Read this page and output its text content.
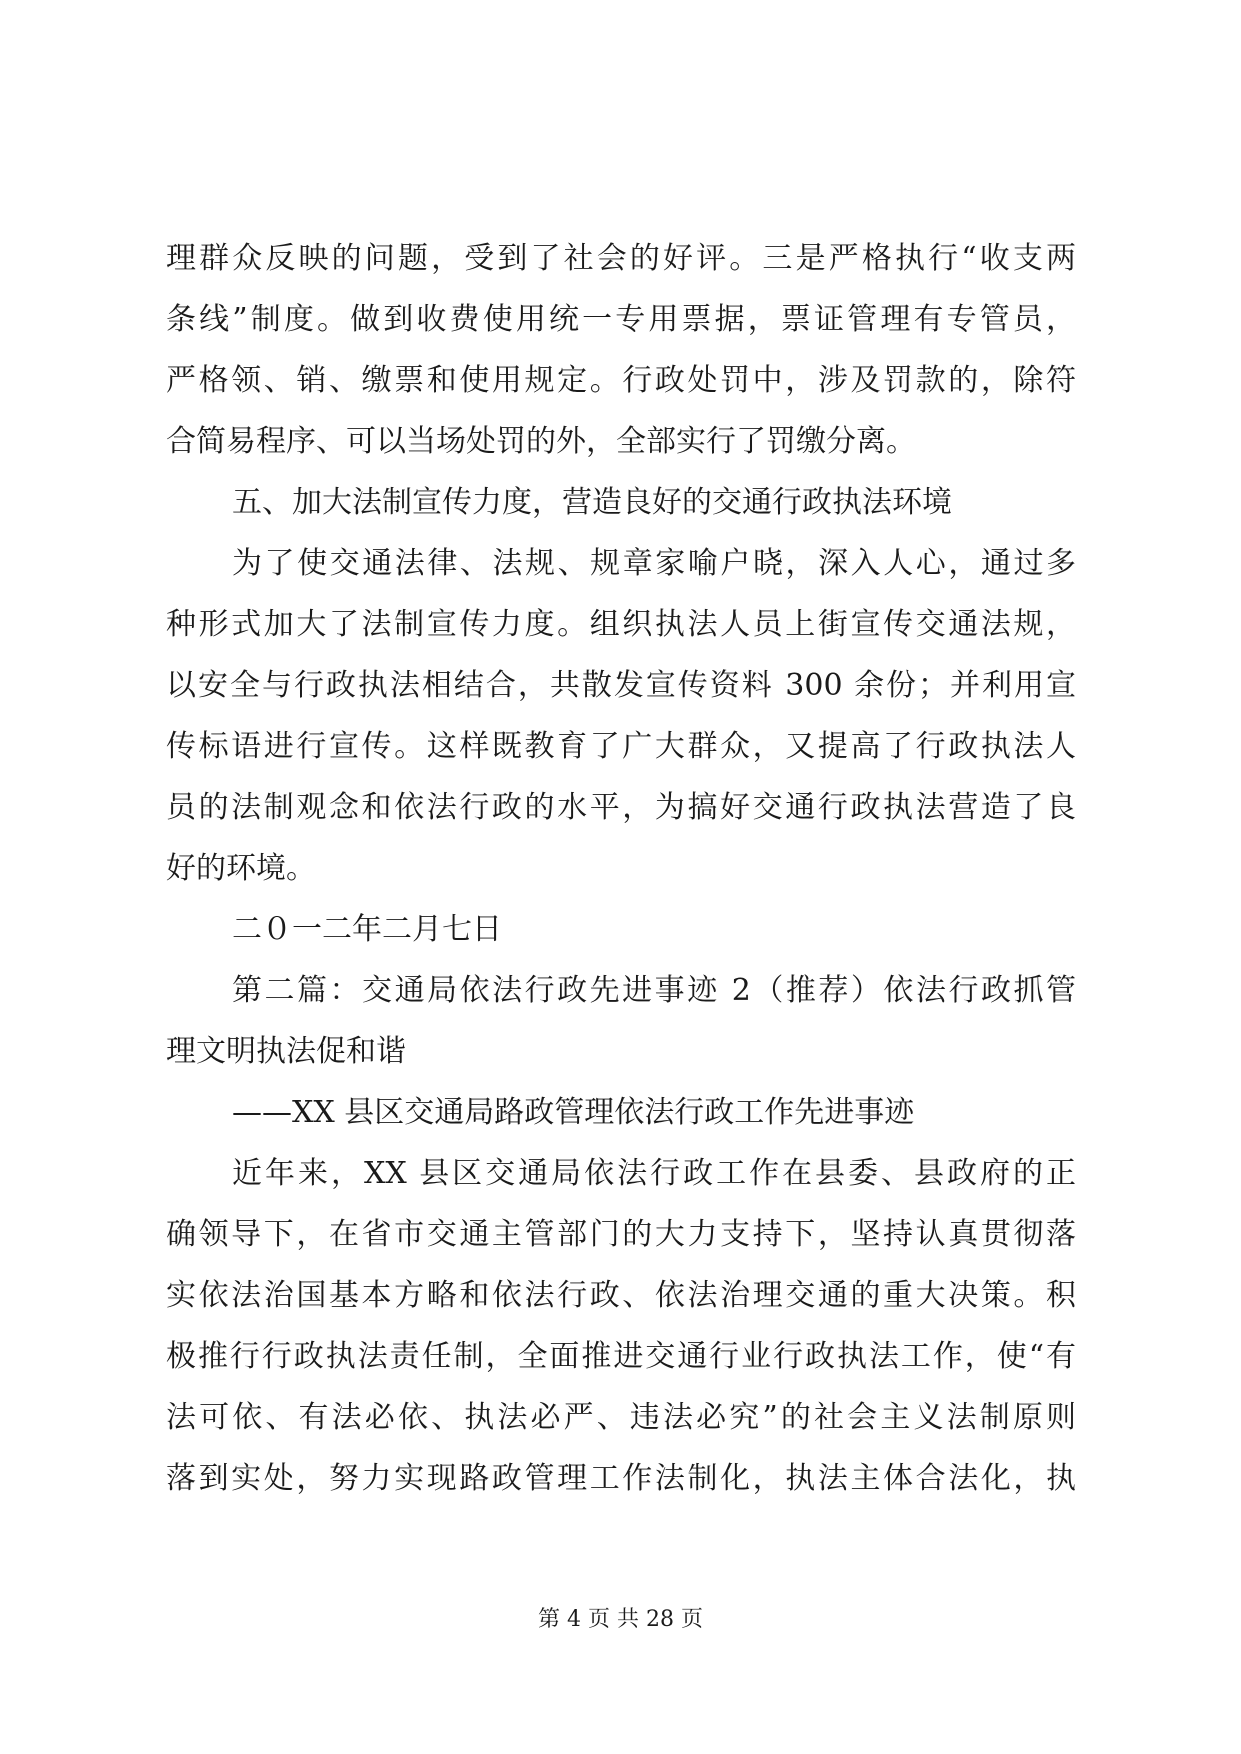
理群众反映的问题，受到了社会的好评。三是严格执行“收支两
条线”制度。做到收费使用统一专用票据，票证管理有专管员，
严格领、销、缴票和使用规定。行政处罚中，涉及罚款的，除符
合简易程序、可以当场处罚的外，全部实行了罚缴分离。
五、加大法制宣传力度，营造良好的交通行政执法环境
为了使交通法律、法规、规章家喻户晓，深入人心，通过多
种形式加大了法制宣传力度。组织执法人员上街宣传交通法规，
以安全与行政执法相结合，共散发宣传资料 300 余份；并利用宣
传标语进行宣传。这样既教育了广大群众，又提高了行政执法人
员的法制观念和依法行政的水平，为搞好交通行政执法营造了良
好的环境。
二０一二年二月七日
第二篇：交通局依法行政先进事迹 2（推荐）依法行政抓管
理文明执法促和谐
——XX 县区交通局路政管理依法行政工作先进事迹
近年来，XX 县区交通局依法行政工作在县委、县政府的正
确领导下，在省市交通主管部门的大力支持下，坚持认真贯彻落
实依法治国基本方略和依法行政、依法治理交通的重大决策。积
极推行行政执法责任制，全面推进交通行业行政执法工作，使“有
法可依、有法必依、执法必严、违法必究”的社会主义法制原则
落到实处，努力实现路政管理工作法制化，执法主体合法化，执
第 4 页 共 28 页
